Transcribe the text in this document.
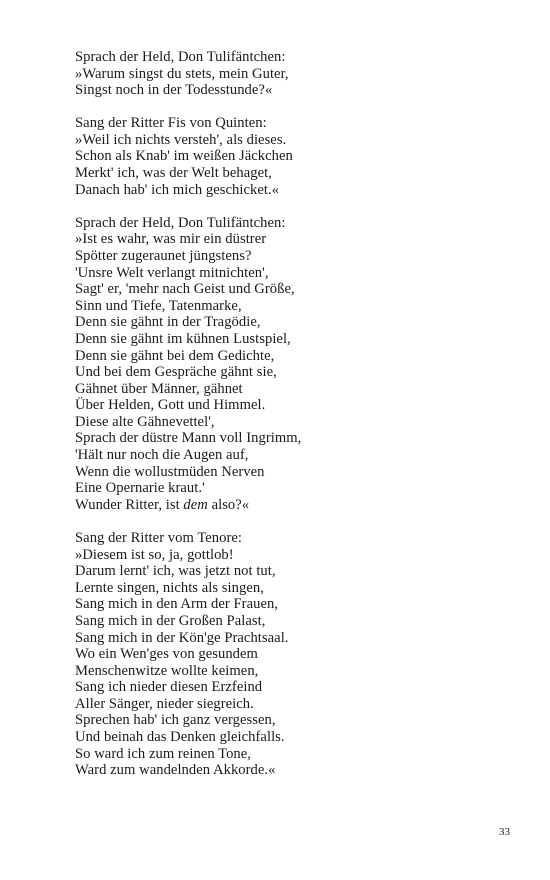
Sprach der Held, Don Tulifäntchen:
»Warum singst du stets, mein Guter,
Singst noch in der Todesstunde?«
Sang der Ritter Fis von Quinten:
»Weil ich nichts versteh', als dieses.
Schon als Knab' im weißen Jäckchen
Merkt' ich, was der Welt behaget,
Danach hab' ich mich geschicket.«
Sprach der Held, Don Tulifäntchen:
»Ist es wahr, was mir ein düstrer
Spötter zugeraunet jüngstens?
'Unsre Welt verlangt mitnichten',
Sagt' er, 'mehr nach Geist und Größe,
Sinn und Tiefe, Tatenmarke,
Denn sie gähnt in der Tragödie,
Denn sie gähnt im kühnen Lustspiel,
Denn sie gähnt bei dem Gedichte,
Und bei dem Gespräche gähnt sie,
Gähnet über Männer, gähnet
Über Helden, Gott und Himmel.
Diese alte Gähnevettel',
Sprach der düstre Mann voll Ingrimm,
'Hält nur noch die Augen auf,
Wenn die wollustmüden Nerven
Eine Opernarie kraut.'
Wunder Ritter, ist dem also?«
Sang der Ritter vom Tenore:
»Diesem ist so, ja, gottlob!
Darum lernt' ich, was jetzt not tut,
Lernte singen, nichts als singen,
Sang mich in den Arm der Frauen,
Sang mich in der Großen Palast,
Sang mich in der Kön'ge Prachtsaal.
Wo ein Wen'ges von gesundem
Menschenwitze wollte keimen,
Sang ich nieder diesen Erzfeind
Aller Sänger, nieder siegreich.
Sprechen hab' ich ganz vergessen,
Und beinah das Denken gleichfalls.
So ward ich zum reinen Tone,
Ward zum wandelnden Akkorde.«
33
